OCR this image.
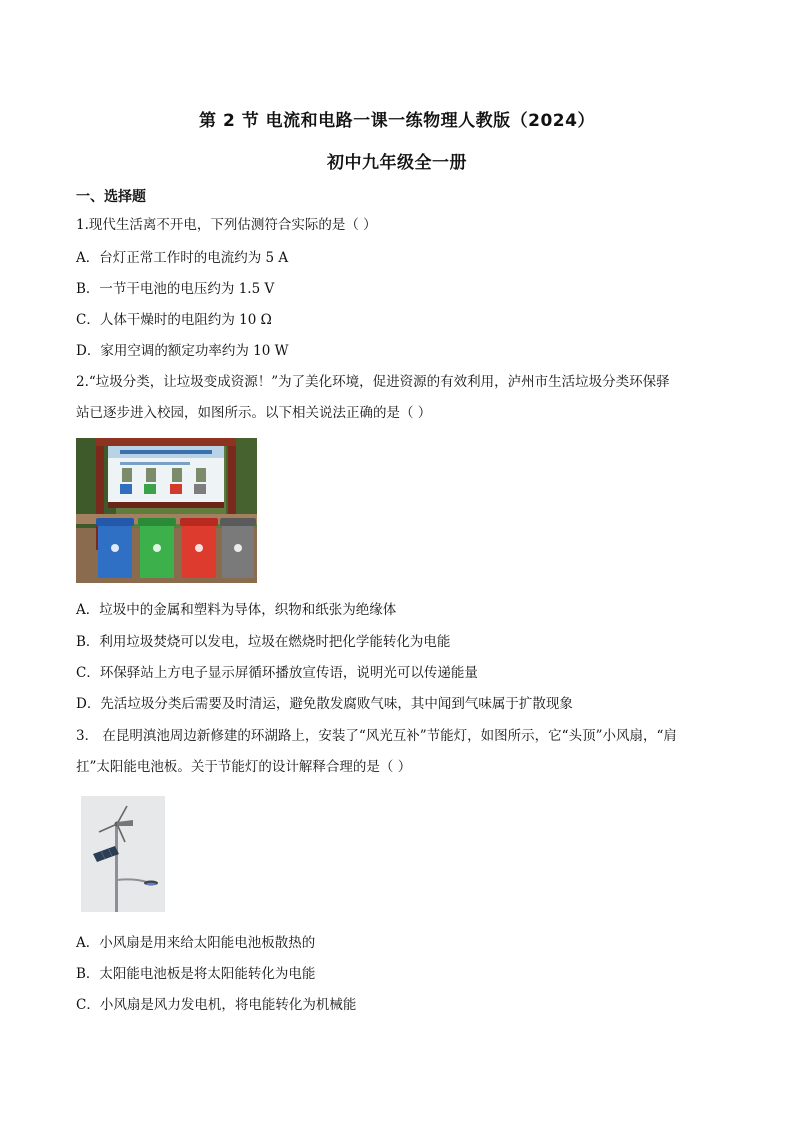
第 2 节 电流和电路一课一练物理人教版（2024）
初中九年级全一册
一、选择题
1.现代生活离不开电，下列估测符合实际的是（ ）
A．台灯正常工作时的电流约为 5 A
B．一节干电池的电压约为 1.5 V
C．人体干燥时的电阻约为 10 Ω
D．家用空调的额定功率约为 10 W
2.“垃圾分类，让垃圾变成资源！”为了美化环境，促进资源的有效利用，泸州市生活垃圾分类环保驿
站已逐步进入校园，如图所示。以下相关说法正确的是（ ）
A．垃圾中的金属和塑料为导体，织物和纸张为绝缘体
B．利用垃圾焚烧可以发电，垃圾在燃烧时把化学能转化为电能
C．环保驿站上方电子显示屏循环播放宣传语，说明光可以传递能量
D．先活垃圾分类后需要及时清运，避免散发腐败气味，其中闻到气味属于扩散现象
3． 在昆明滇池周边新修建的环湖路上，安装了“风光互补”节能灯，如图所示，它“头顶”小风扇，“肩
扛”太阳能电池板。关于节能灯的设计解释合理的是（ ）
A．小风扇是用来给太阳能电池板散热的
B．太阳能电池板是将太阳能转化为电能
C．小风扇是风力发电机，将电能转化为机械能
